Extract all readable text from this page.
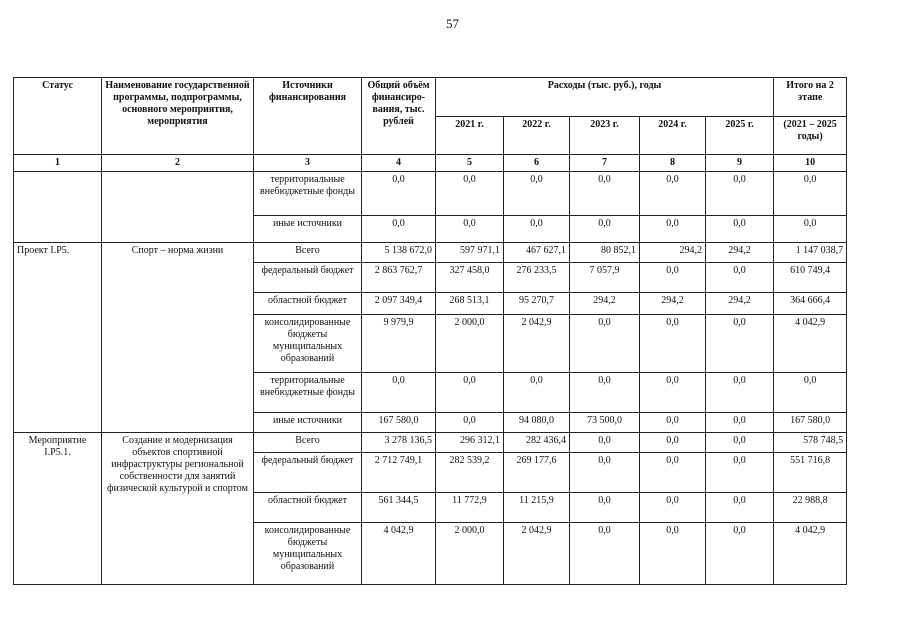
57
Статус	Наименование государственной программы, подпрограммы, основного мероприятия, мероприятия	Источники финансирования	Общий объём финансиро-вания, тыс. рублей	Расходы (тыс. руб.), годы					Итого на 2 этапе
				2021 г.	2022 г.	2023 г.	2024 г.	2025 г.	(2021 – 2025 годы)
1	2	3	4	5	6	7	8	9	10
		территориальные внебюджетные фонды	0,0	0,0	0,0	0,0	0,0	0,0	0,0
		иные источники	0,0	0,0	0,0	0,0	0,0	0,0	0,0
Проект I.P5.	Спорт – норма жизни	Всего	5 138 672,0	597 971,1	467 627,1	80 852,1	294,2	294,2	1 147 038,7
		федеральный бюджет	2 863 762,7	327 458,0	276 233,5	7 057,9	0,0	0,0	610 749,4
		областной бюджет	2 097 349,4	268 513,1	95 270,7	294,2	294,2	294,2	364 666,4
		консолидированные бюджеты муниципальных образований	9 979,9	2 000,0	2 042,9	0,0	0,0	0,0	4 042,9
		территориальные внебюджетные фонды	0,0	0,0	0,0	0,0	0,0	0,0	0,0
		иные источники	167 580,0	0,0	94 080,0	73 500,0	0,0	0,0	167 580,0
Мероприятие I.P5.1.	Создание и модернизация объектов спортивной инфраструктуры региональной собственности для занятий физической культурой и спортом	Всего	3 278 136,5	296 312,1	282 436,4	0,0	0,0	0,0	578 748,5
		федеральный бюджет	2 712 749,1	282 539,2	269 177,6	0,0	0,0	0,0	551 716,8
		областной бюджет	561 344,5	11 772,9	11 215,9	0,0	0,0	0,0	22 988,8
		консолидированные бюджеты муниципальных образований	4 042,9	2 000,0	2 042,9	0,0	0,0	0,0	4 042,9
